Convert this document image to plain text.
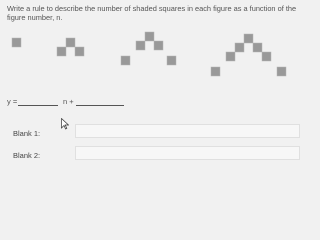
Write a rule to describe the number of shaded squares in each figure as a function of the figure number, n.
y =	n +
Blank 1:
Blank 2:
